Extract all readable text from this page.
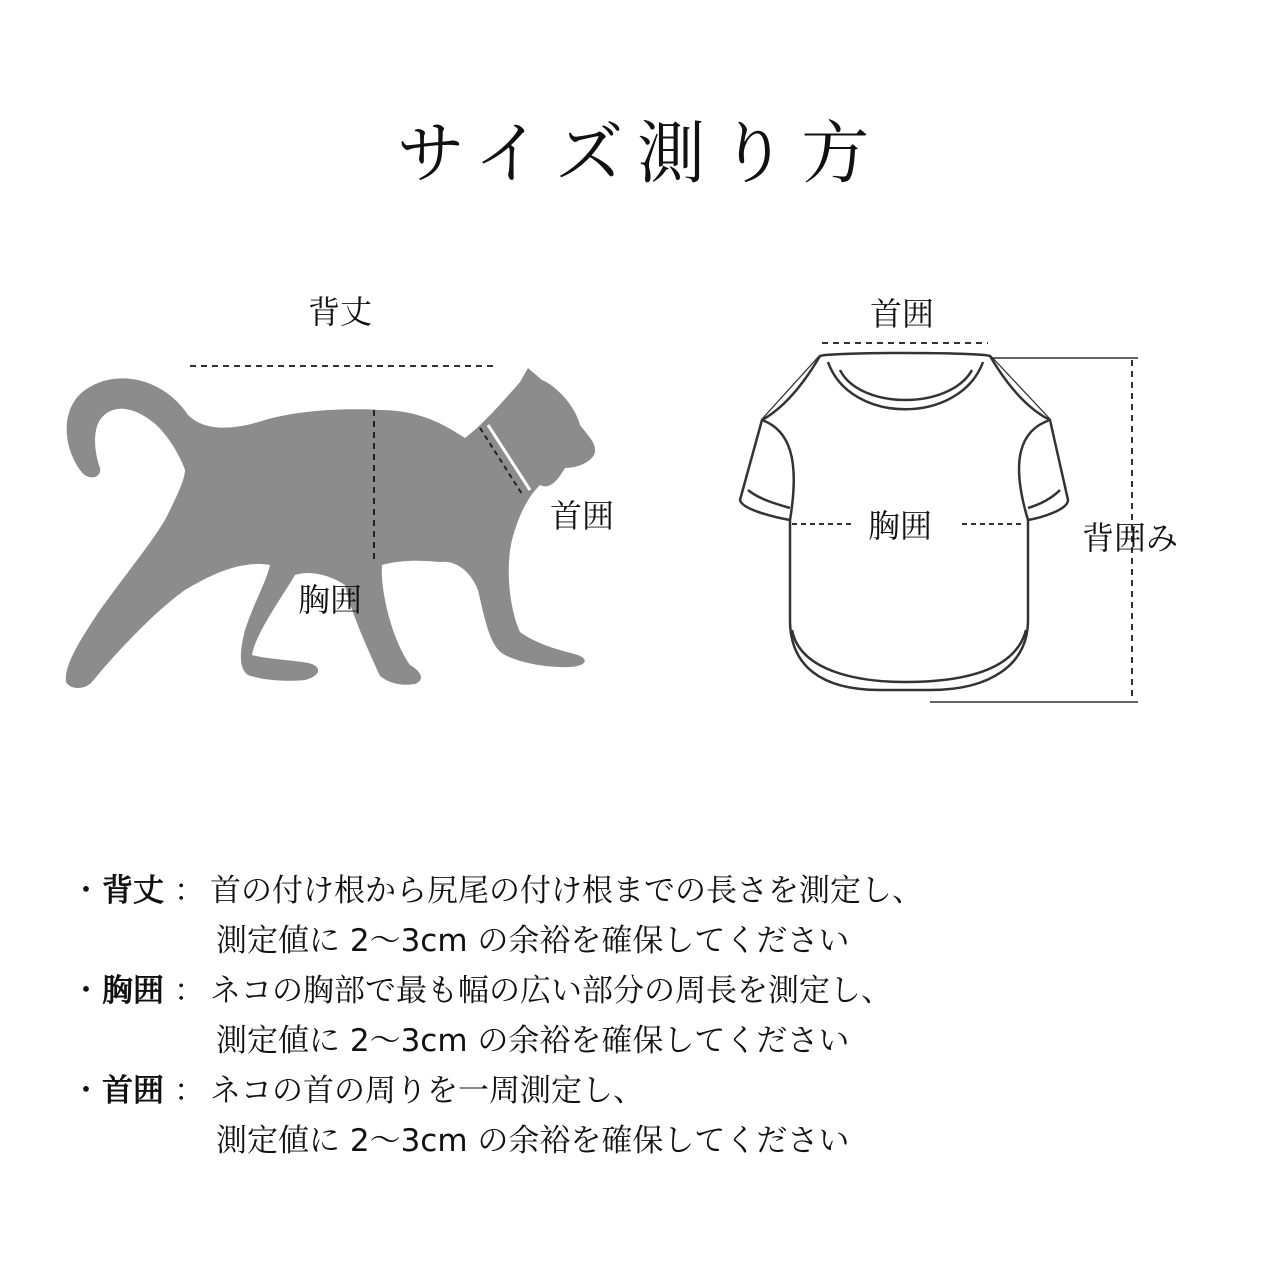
サイズ測り方
背丈
首囲
胸囲
首囲
胸囲	背囲み
・ 背丈 ： 首の付け根から尻尾の付け根までの長さを測定し、
測定値に 2～3cm の余裕を確保してください
・ 胸囲 ： ネコの胸部で最も幅の広い部分の周長を測定し、
測定値に 2～3cm の余裕を確保してください
・ 首囲 ： ネコの首の周りを一周測定し、
測定値に 2～3cm の余裕を確保してください
